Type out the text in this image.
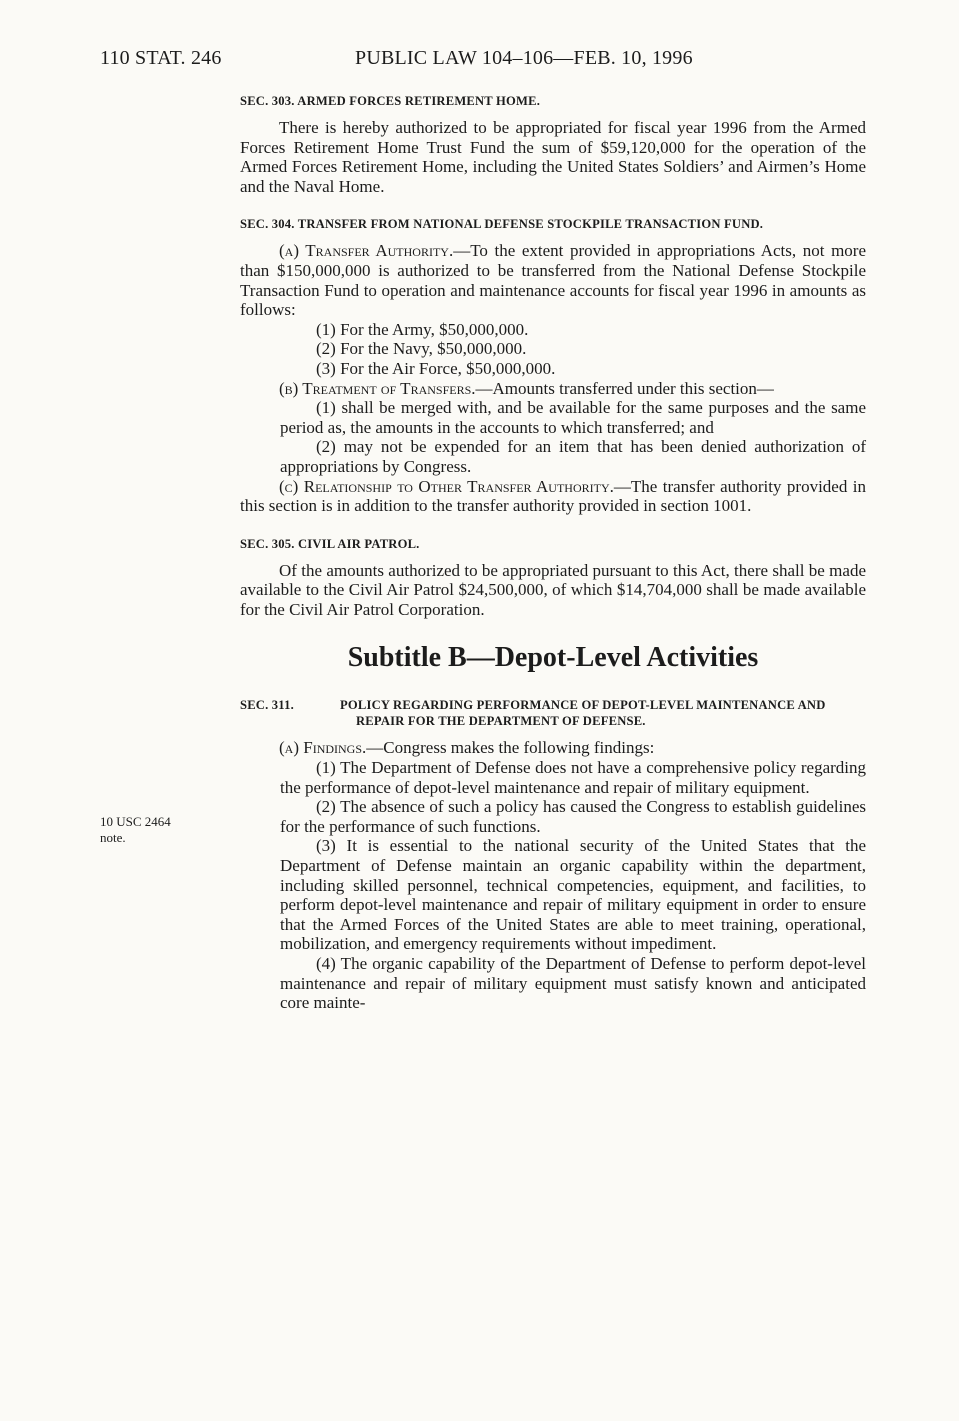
110 STAT. 246	PUBLIC LAW 104–106—FEB. 10, 1996
10 USC 2464
note.
SEC. 303. ARMED FORCES RETIREMENT HOME.

There is hereby authorized to be appropriated for fiscal year 1996 from the Armed Forces Retirement Home Trust Fund the sum of $59,120,000 for the operation of the Armed Forces Retirement Home, including the United States Soldiers’ and Airmen’s Home and the Naval Home.

SEC. 304. TRANSFER FROM NATIONAL DEFENSE STOCKPILE TRANSACTION FUND.

(a) Transfer Authority.—To the extent provided in appropriations Acts, not more than $150,000,000 is authorized to be transferred from the National Defense Stockpile Transaction Fund to operation and maintenance accounts for fiscal year 1996 in amounts as follows:

(1) For the Army, $50,000,000.

(2) For the Navy, $50,000,000.

(3) For the Air Force, $50,000,000.

(b) Treatment of Transfers.—Amounts transferred under this section—

(1) shall be merged with, and be available for the same purposes and the same period as, the amounts in the accounts to which transferred; and

(2) may not be expended for an item that has been denied authorization of appropriations by Congress.

(c) Relationship to Other Transfer Authority.—The transfer authority provided in this section is in addition to the transfer authority provided in section 1001.

SEC. 305. CIVIL AIR PATROL.

Of the amounts authorized to be appropriated pursuant to this Act, there shall be made available to the Civil Air Patrol $24,500,000, of which $14,704,000 shall be made available for the Civil Air Patrol Corporation.

Subtitle B—Depot-Level Activities
SEC. 311.	POLICY REGARDING PERFORMANCE OF DEPOT-LEVEL MAINTENANCE AND REPAIR FOR THE DEPARTMENT OF DEFENSE.

(a) Findings.—Congress makes the following findings:

(1) The Department of Defense does not have a comprehensive policy regarding the performance of depot-level maintenance and repair of military equipment.

(2) The absence of such a policy has caused the Congress to establish guidelines for the performance of such functions.

(3) It is essential to the national security of the United States that the Department of Defense maintain an organic capability within the department, including skilled personnel, technical competencies, equipment, and facilities, to perform depot-level maintenance and repair of military equipment in order to ensure that the Armed Forces of the United States are able to meet training, operational, mobilization, and emergency requirements without impediment.

(4) The organic capability of the Department of Defense to perform depot-level maintenance and repair of military equipment must satisfy known and anticipated core mainte-
